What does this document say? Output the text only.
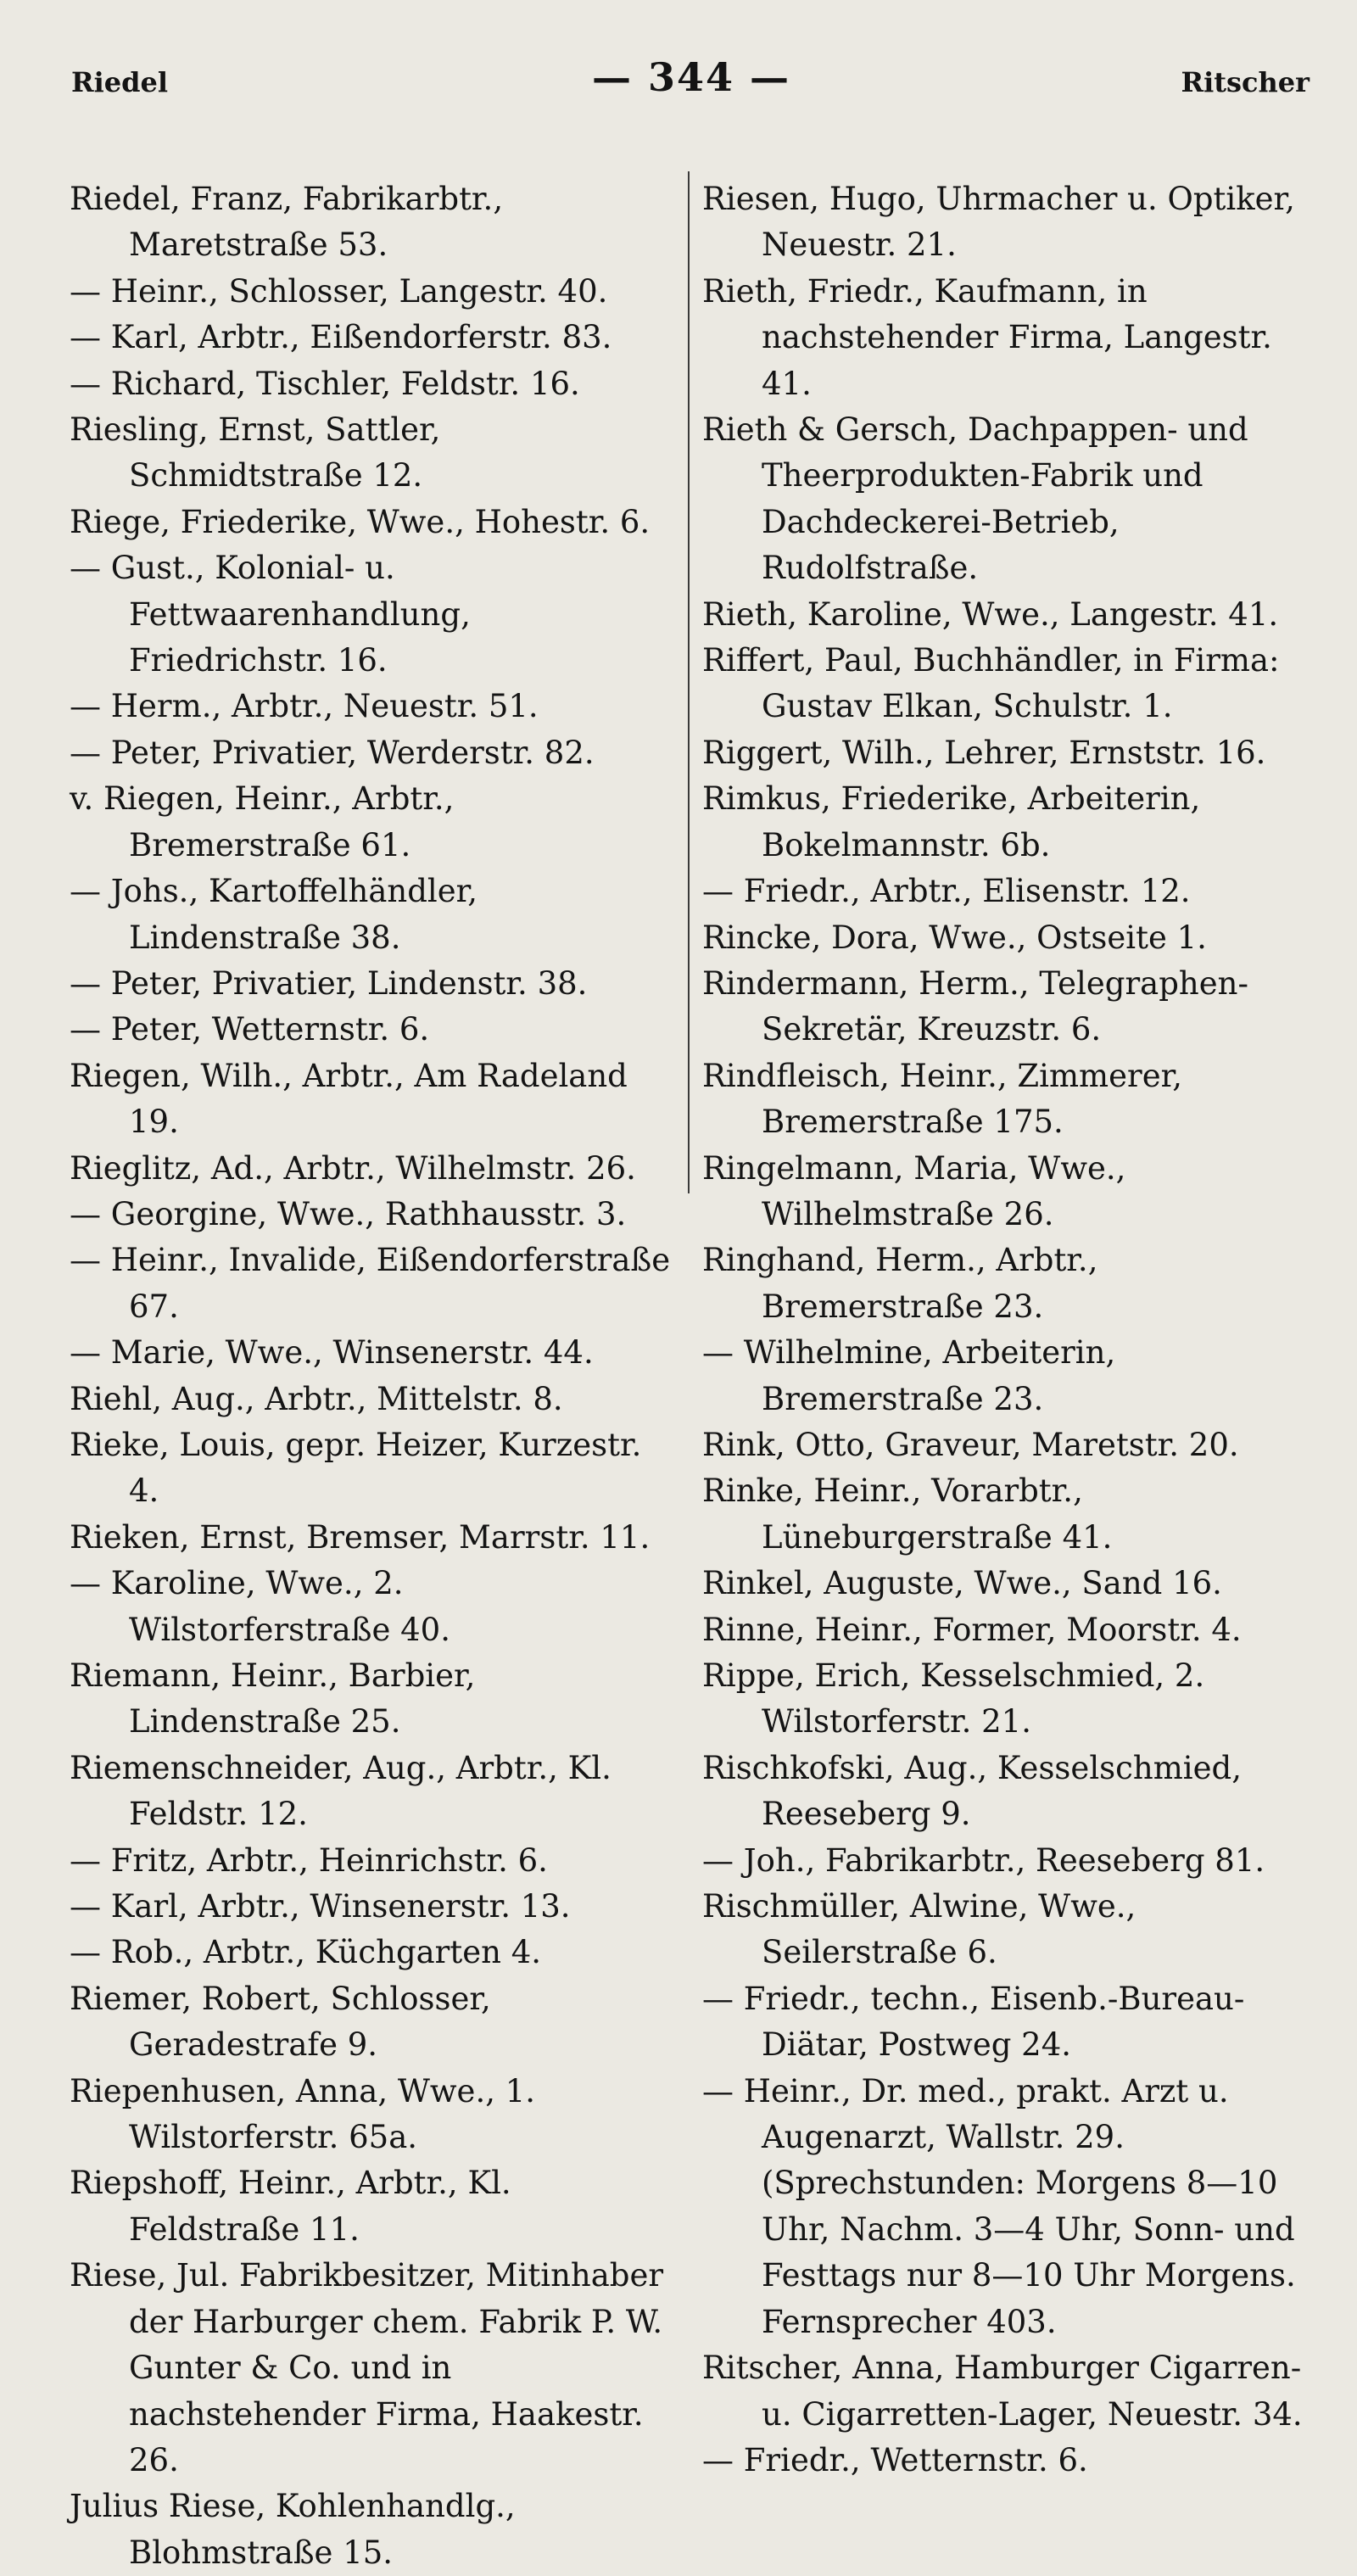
Riedel	— 344 —	Ritscher

Riedel, Franz, Fabrikarbtr., Maretstraße 53.

— Heinr., Schlosser, Langestr. 40.

— Karl, Arbtr., Eißendorferstr. 83.

— Richard, Tischler, Feldstr. 16.

Riesling, Ernst, Sattler, Schmidtstraße 12.

Riege, Friederike, Wwe., Hohestr. 6.

— Gust., Kolonial- u. Fettwaarenhandlung, Friedrichstr. 16.

— Herm., Arbtr., Neuestr. 51.

— Peter, Privatier, Werderstr. 82.

v. Riegen, Heinr., Arbtr., Bremerstraße 61.

— Johs., Kartoffelhändler, Lindenstraße 38.

— Peter, Privatier, Lindenstr. 38.

— Peter, Wetternstr. 6.

Riegen, Wilh., Arbtr., Am Radeland 19.

Rieglitz, Ad., Arbtr., Wilhelmstr. 26.

— Georgine, Wwe., Rathhausstr. 3.

— Heinr., Invalide, Eißendorferstraße 67.

— Marie, Wwe., Winsenerstr. 44.

Riehl, Aug., Arbtr., Mittelstr. 8.

Rieke, Louis, gepr. Heizer, Kurzestr. 4.

Rieken, Ernst, Bremser, Marrstr. 11.

— Karoline, Wwe., 2. Wilstorferstraße 40.

Riemann, Heinr., Barbier, Lindenstraße 25.

Riemenschneider, Aug., Arbtr., Kl. Feldstr. 12.

— Fritz, Arbtr., Heinrichstr. 6.

— Karl, Arbtr., Winsenerstr. 13.

— Rob., Arbtr., Küchgarten 4.

Riemer, Robert, Schlosser, Geradestrafe 9.

Riepenhusen, Anna, Wwe., 1. Wilstorferstr. 65a.

Riepshoff, Heinr., Arbtr., Kl. Feldstraße 11.

Riese, Jul. Fabrikbesitzer, Mitinhaber der Harburger chem. Fabrik P. W. Gunter & Co. und in nachstehender Firma, Haakestr. 26.

Julius Riese, Kohlenhandlg., Blohmstraße 15.

Riesen, Hugo, Uhrmacher u. Optiker, Neuestr. 21.

Rieth, Friedr., Kaufmann, in nachstehender Firma, Langestr. 41.

Rieth & Gersch, Dachpappen- und Theerprodukten-Fabrik und Dachdeckerei-Betrieb, Rudolfstraße.

Rieth, Karoline, Wwe., Langestr. 41.

Riffert, Paul, Buchhändler, in Firma: Gustav Elkan, Schulstr. 1.

Riggert, Wilh., Lehrer, Ernststr. 16.

Rimkus, Friederike, Arbeiterin, Bokelmannstr. 6b.

— Friedr., Arbtr., Elisenstr. 12.

Rincke, Dora, Wwe., Ostseite 1.

Rindermann, Herm., Telegraphen-Sekretär, Kreuzstr. 6.

Rindfleisch, Heinr., Zimmerer, Bremerstraße 175.

Ringelmann, Maria, Wwe., Wilhelmstraße 26.

Ringhand, Herm., Arbtr., Bremerstraße 23.

— Wilhelmine, Arbeiterin, Bremerstraße 23.

Rink, Otto, Graveur, Maretstr. 20.

Rinke, Heinr., Vorarbtr., Lüneburgerstraße 41.

Rinkel, Auguste, Wwe., Sand 16.

Rinne, Heinr., Former, Moorstr. 4.

Rippe, Erich, Kesselschmied, 2. Wilstorferstr. 21.

Rischkofski, Aug., Kesselschmied, Reeseberg 9.

— Joh., Fabrikarbtr., Reeseberg 81.

Rischmüller, Alwine, Wwe., Seilerstraße 6.

— Friedr., techn., Eisenb.-Bureau-Diätar, Postweg 24.

— Heinr., Dr. med., prakt. Arzt u. Augenarzt, Wallstr. 29. (Sprechstunden: Morgens 8—10 Uhr, Nachm. 3—4 Uhr, Sonn- und Festtags nur 8—10 Uhr Morgens. Fernsprecher 403.

Ritscher, Anna, Hamburger Cigarren- u. Cigarretten-Lager, Neuestr. 34.

— Friedr., Wetternstr. 6.
